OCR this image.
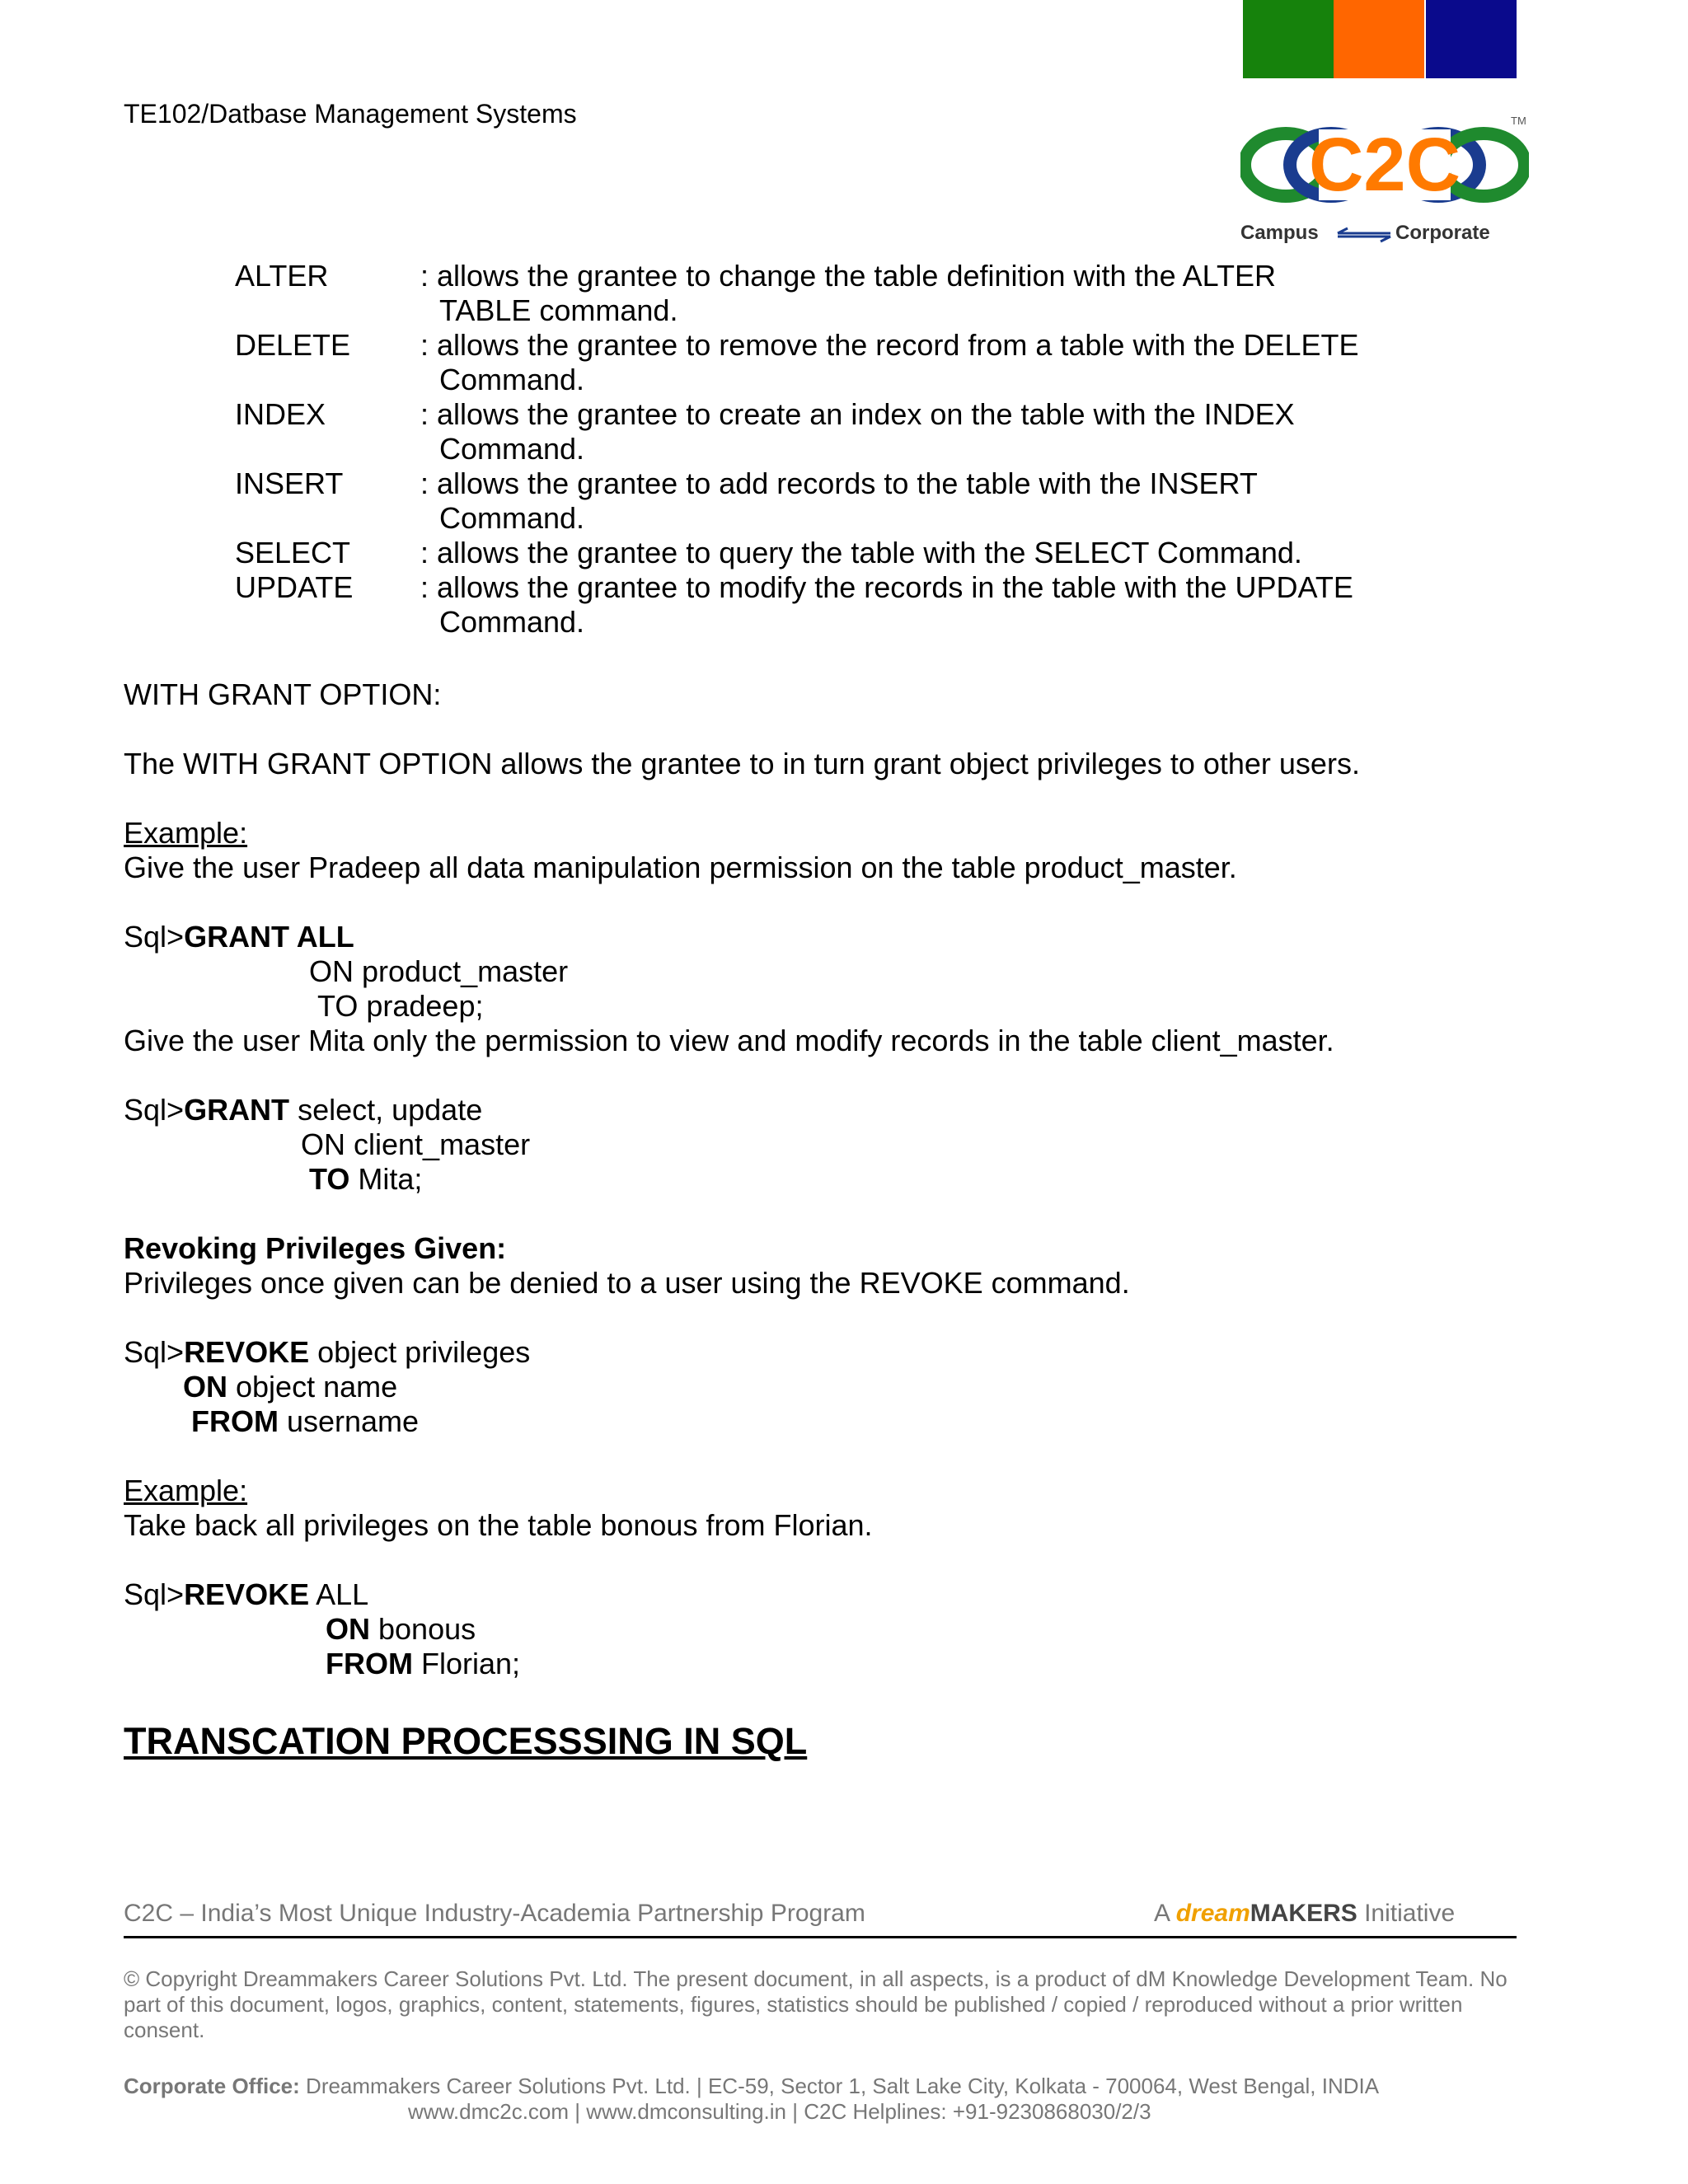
TE102/Datbase Management Systems	TM
C2C
Campus	Corporate
ALTER	: allows the grantee to change the table definition with the ALTER
TABLE command.
DELETE : allows the grantee to remove the record from a table with the DELETE
Command.
INDEX	: allows the grantee to create an index on the table with the INDEX
Command.
INSERT	: allows the grantee to add records to the table with the INSERT
Command.
SELECT : allows the grantee to query the table with the SELECT Command.
UPDATE : allows the grantee to modify the records in the table with the UPDATE
Command.
WITH GRANT OPTION:
The WITH GRANT OPTION allows the grantee to in turn grant object privileges to other users.
Example:
Give the user Pradeep all data manipulation permission on the table product_master.
Sql>GRANT ALL
ON product_master
TO pradeep;
Give the user Mita only the permission to view and modify records in the table client_master.
Sql>GRANT select, update
ON client_master
TO Mita;
Revoking Privileges Given:
Privileges once given can be denied to a user using the REVOKE command.
Sql>REVOKE object privileges
ON object name
FROM username
Example:
Take back all privileges on the table bonous from Florian.
Sql>REVOKE ALL
ON bonous
FROM Florian;
TRANSCATION PROCESSSING IN SQL
C2C – India’s Most Unique Industry-Academia Partnership Program	A dreamMAKERS Initiative
© Copyright Dreammakers Career Solutions Pvt. Ltd. The present document, in all aspects, is a product of dM Knowledge Development Team. No part of this document, logos, graphics, content, statements, figures, statistics should be published / copied / reproduced without a prior written consent.
Corporate Office: Dreammakers Career Solutions Pvt. Ltd. | EC-59, Sector 1, Salt Lake City, Kolkata - 700064, West Bengal, INDIA
www.dmc2c.com | www.dmconsulting.in | C2C Helplines: +91-9230868030/2/3
